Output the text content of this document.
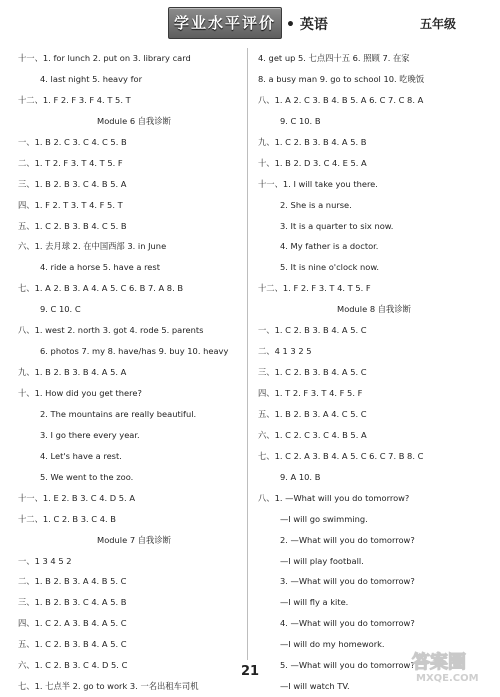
学业水平评价 • 英语	五年级
十一、1. for lunch 2. put on 3. library card
4. last night 5. heavy for
十二、1. F 2. F 3. F 4. T 5. T
Module 6 自我诊断
一、1. B 2. C 3. C 4. C 5. B
二、1. T 2. F 3. T 4. T 5. F
三、1. B 2. B 3. C 4. B 5. A
四、1. F 2. T 3. T 4. F 5. T
五、1. C 2. B 3. B 4. C 5. B
六、1. 去月球 2. 在中国西部 3. in June
4. ride a horse 5. have a rest
七、1. A 2. B 3. A 4. A 5. C 6. B 7. A 8. B
9. C 10. C
八、1. west 2. north 3. got 4. rode 5. parents
6. photos 7. my 8. have/has 9. buy 10. heavy
九、1. B 2. B 3. B 4. A 5. A
十、1. How did you get there?
2. The mountains are really beautiful.
3. I go there every year.
4. Let's have a rest.
5. We went to the zoo.
十一、1. E 2. B 3. C 4. D 5. A
十二、1. C 2. B 3. C 4. B
Module 7 自我诊断
一、1 3 4 5 2
二、1. B 2. B 3. A 4. B 5. C
三、1. B 2. B 3. C 4. A 5. B
四、1. C 2. A 3. B 4. A 5. C
五、1. C 2. B 3. B 4. A 5. C
六、1. C 2. B 3. C 4. D 5. C
七、1. 七点半 2. go to work 3. 一名出租车司机
4. get up 5. 七点四十五 6. 照顾 7. 在家
8. a busy man 9. go to school 10. 吃晚饭
八、1. A 2. C 3. B 4. B 5. A 6. C 7. C 8. A
9. C 10. B
九、1. C 2. B 3. B 4. A 5. B
十、1. B 2. D 3. C 4. E 5. A
十一、1. I will take you there.
2. She is a nurse.
3. It is a quarter to six now.
4. My father is a doctor.
5. It is nine o'clock now.
十二、1. F 2. F 3. T 4. T 5. F
Module 8 自我诊断
一、1. C 2. B 3. B 4. A 5. C
二、4 1 3 2 5
三、1. C 2. B 3. B 4. A 5. C
四、1. T 2. F 3. T 4. F 5. F
五、1. B 2. B 3. A 4. C 5. C
六、1. C 2. C 3. C 4. B 5. A
七、1. C 2. A 3. B 4. A 5. C 6. C 7. B 8. C
9. A 10. B
八、1. —What will you do tomorrow?
—I will go swimming.
2. —What will you do tomorrow?
—I will play football.
3. —What will you do tomorrow?
—I will fly a kite.
4. —What will you do tomorrow?
—I will do my homework.
5. —What will you do tomorrow?
—I will watch TV.
21	答案圈
MXQE.COM
